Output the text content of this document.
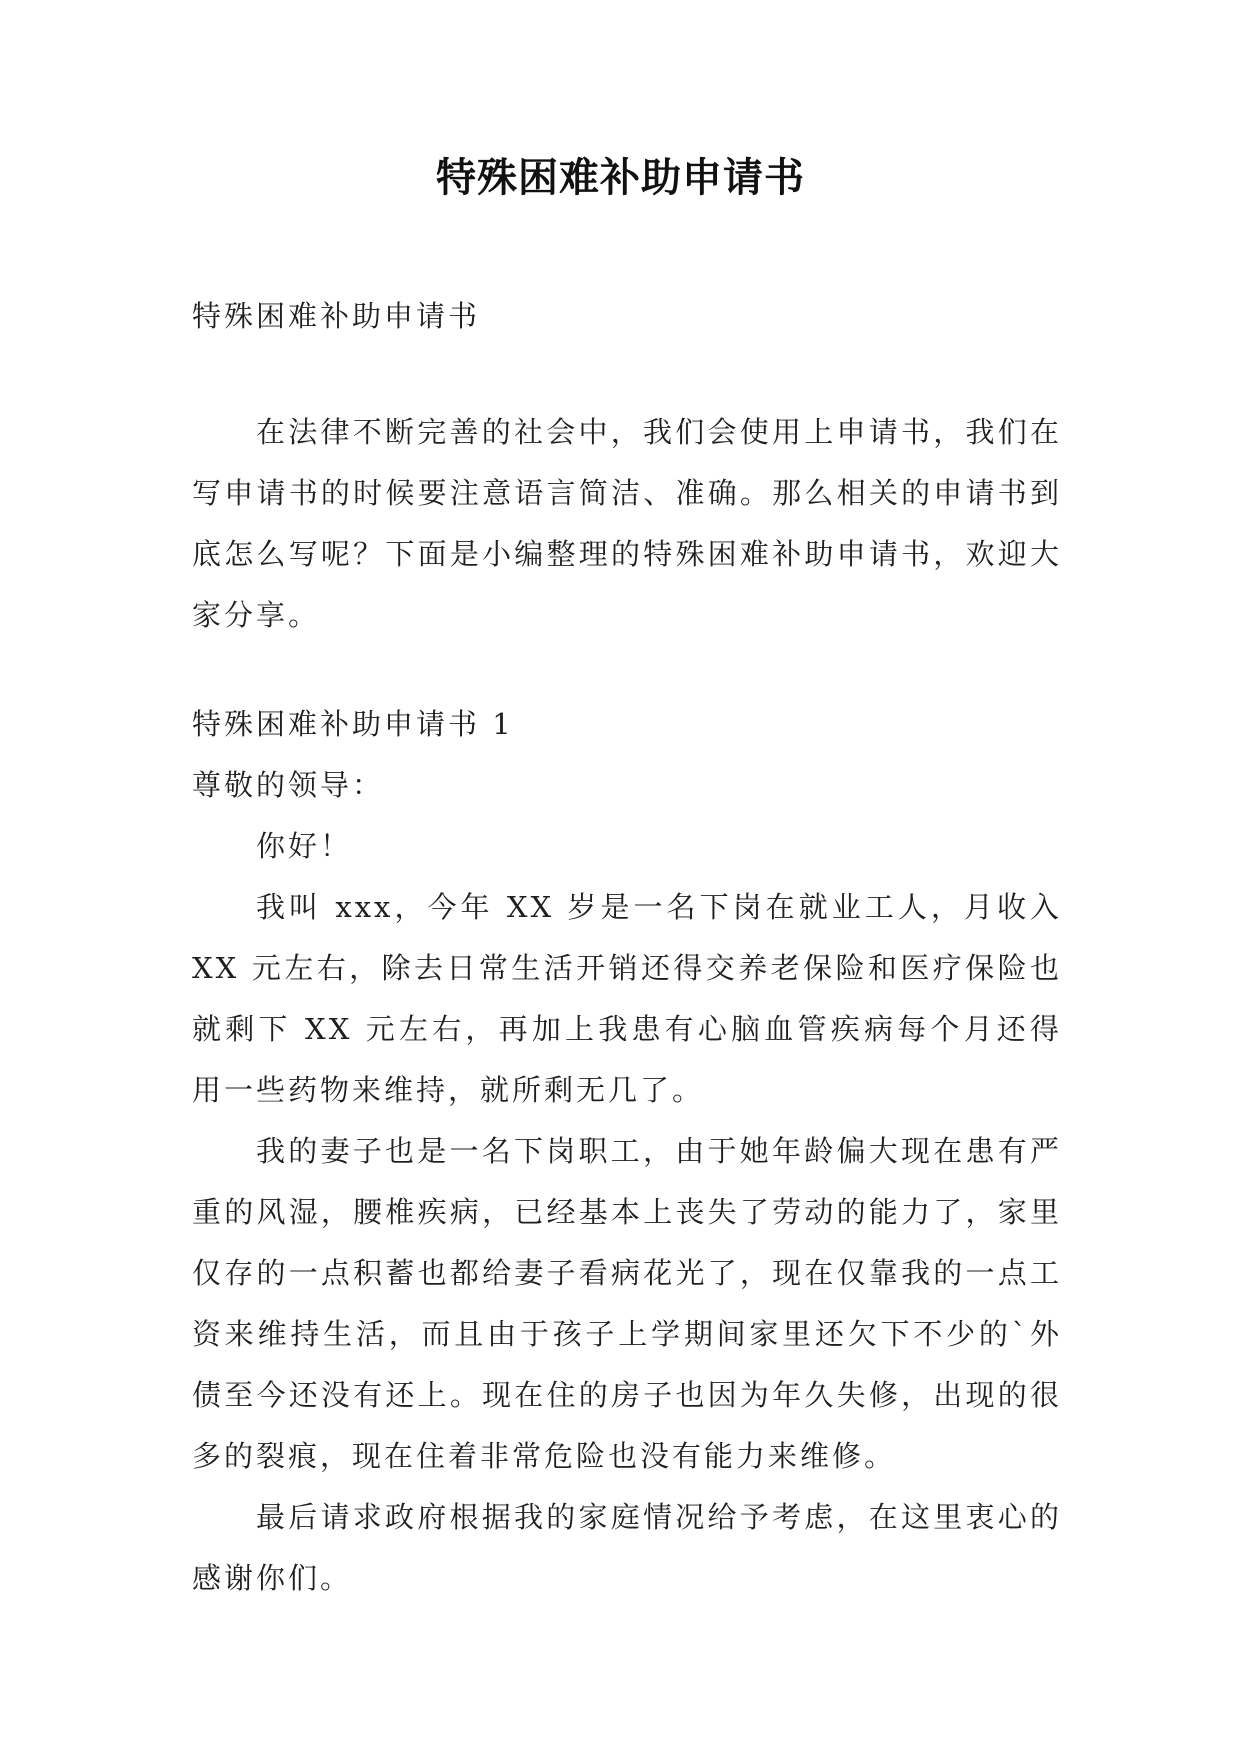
特殊困难补助申请书

特殊困难补助申请书

在法律不断完善的社会中，我们会使用上申请书，我们在写申请书的时候要注意语言简洁、准确。那么相关的申请书到底怎么写呢？下面是小编整理的特殊困难补助申请书，欢迎大家分享。

特殊困难补助申请书 1

尊敬的领导：

你好！

我叫 xxx，今年 XX 岁是一名下岗在就业工人，月收入 XX 元左右，除去日常生活开销还得交养老保险和医疗保险也就剩下 XX 元左右，再加上我患有心脑血管疾病每个月还得用一些药物来维持，就所剩无几了。

我的妻子也是一名下岗职工，由于她年龄偏大现在患有严重的风湿，腰椎疾病，已经基本上丧失了劳动的能力了，家里仅存的一点积蓄也都给妻子看病花光了，现在仅靠我的一点工资来维持生活，而且由于孩子上学期间家里还欠下不少的`外债至今还没有还上。现在住的房子也因为年久失修，出现的很多的裂痕，现在住着非常危险也没有能力来维修。

最后请求政府根据我的家庭情况给予考虑，在这里衷心的感谢你们。
